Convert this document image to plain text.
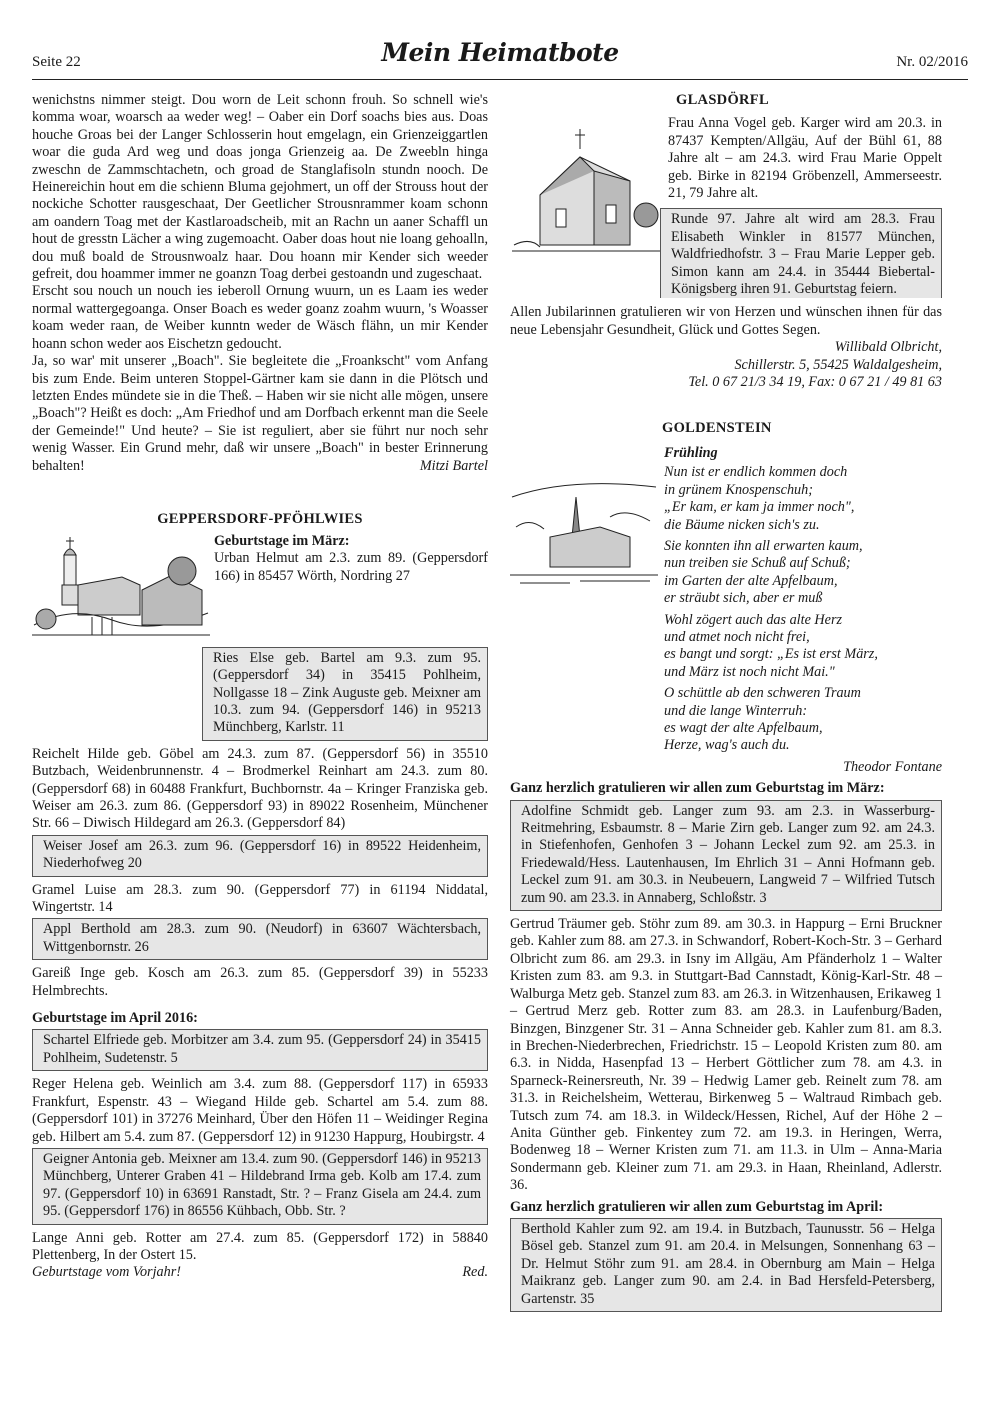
Seite 22	Mein Heimatbote	Nr. 02/2016

wenichstns nimmer steigt. Dou worn de Leit schonn frouh. So schnell wie's komma woar, woarsch aa weder weg! – Oaber ein Dorf soachs bies aus. Doas houche Groas bei der Langer Schlosserin hout emgelagn, ein Grienzeiggartlen woar die guda Ard weg und doas jonga Grienzeig aa. De Zweebln hinga zweschn de Zammschtachetn, och groad de Stanglafisoln stundn nooch. De Heinereichin hout em die schienn Bluma gejohmert, un off der Strouss hout der nockiche Schotter rausgeschaat, Der Geetlicher Strousnrammer koam schonn am oandern Toag met der Kastlaroadscheib, mit an Rachn un aaner Schaffl un hout de gresstn Lächer a wing zugemoacht. Oaber doas hout nie loang gehoalln, dou muß boald de Strousnwoalz haar. Dou hoann mir Kender sich weeder gefreit, dou hoammer immer ne goanzn Toag derbei gestoandn und zugeschaat.

Erscht sou nouch un nouch ies ieberoll Ornung wuurn, un es Laam ies weder normal wattergegoanga. Onser Boach es weder goanz zoahm wuurn, 's Woasser koam weder raan, de Weiber kunntn weder de Wäsch flähn, un mir Kender hoann schon weder aos Eischetzn gedoucht.

Ja, so war' mit unserer „Boach". Sie begleitete die „Froankscht" vom Anfang bis zum Ende. Beim unteren Stoppel-Gärtner kam sie dann in die Plötsch und letzten Endes mündete sie in die Theß. – Haben wir sie nicht alle mögen, unsere „Boach"? Heißt es doch: „Am Friedhof und am Dorfbach erkennt man die Seele der Gemeinde!" Und heute? – Sie ist reguliert, aber sie führt nur noch sehr wenig Wasser. Ein Grund mehr, daß wir unsere „Boach" in bester Erinnerung behalten!	Mitzi Bartel

GEPPERSDORF-PFÖHLWIES
Geburtstage im März:

Urban Helmut am 2.3. zum 89. (Geppersdorf 166) in 85457 Wörth, Nordring 27

Ries Else geb. Bartel am 9.3. zum 95. (Geppersdorf 34) in 35415 Pohlheim, Nollgasse 18 – Zink Auguste geb. Meixner am 10.3. zum 94. (Geppersdorf 146) in 95213 Münchberg, Karlstr. 11

Reichelt Hilde geb. Göbel am 24.3. zum 87. (Geppersdorf 56) in 35510 Butzbach, Weidenbrunnenstr. 4 – Brodmerkel Reinhart am 24.3. zum 80. (Geppersdorf 68) in 60488 Frankfurt, Buchbornstr. 4a – Kringer Franziska geb. Weiser am 26.3. zum 86. (Geppersdorf 93) in 89022 Rosenheim, Münchener Str. 66 – Diwisch Hildegard am 26.3. (Geppersdorf 84)

Weiser Josef am 26.3. zum 96. (Geppersdorf 16) in 89522 Heidenheim, Niederhofweg 20

Gramel Luise am 28.3. zum 90. (Geppersdorf 77) in 61194 Niddatal, Wingertstr. 14

Appl Berthold am 28.3. zum 90. (Neudorf) in 63607 Wächtersbach, Wittgenbornstr. 26

Gareiß Inge geb. Kosch am 26.3. zum 85. (Geppersdorf 39) in 55233 Helmbrechts.

Geburtstage im April 2016:

Schartel Elfriede geb. Morbitzer am 3.4. zum 95. (Geppersdorf 24) in 35415 Pohlheim, Sudetenstr. 5

Reger Helena geb. Weinlich am 3.4. zum 88. (Geppersdorf 117) in 65933 Frankfurt, Espenstr. 43 – Wiegand Hilde geb. Schartel am 5.4. zum 88. (Geppersdorf 101) in 37276 Meinhard, Über den Höfen 11 – Weidinger Regina geb. Hilbert am 5.4. zum 87. (Geppersdorf 12) in 91230 Happurg, Houbirgstr. 4

Geigner Antonia geb. Meixner am 13.4. zum 90. (Geppersdorf 146) in 95213 Münchberg, Unterer Graben 41 – Hildebrand Irma geb. Kolb am 17.4. zum 97. (Geppersdorf 10) in 63691 Ranstadt, Str. ? – Franz Gisela am 24.4. zum 95. (Geppersdorf 176) in 86556 Kühbach, Obb. Str. ?

Lange Anni geb. Rotter am 27.4. zum 85. (Geppersdorf 172) in 58840 Plettenberg, In der Ostert 15.

Geburtstage vom Vorjahr!	Red.
GLASDÖRFL

Frau Anna Vogel geb. Karger wird am 20.3. in 87437 Kempten/Allgäu, Auf der Bühl 61, 88 Jahre alt – am 24.3. wird Frau Marie Oppelt geb. Birke in 82194 Gröbenzell, Ammerseestr. 21, 79 Jahre alt.

Runde 97. Jahre alt wird am 28.3. Frau Elisabeth Winkler in 81577 München, Waldfriedhofstr. 3 – Frau Marie Lepper geb. Simon kann am 24.4. in 35444 Biebertal-Königsberg ihren 91. Geburtstag feiern.

Allen Jubilarinnen gratulieren wir von Herzen und wünschen ihnen für das neue Lebensjahr Gesundheit, Glück und Gottes Segen.

Willibald Olbricht,

Schillerstr. 5, 55425 Waldalgesheim,

Tel. 0 67 21/3 34 19, Fax: 0 67 21 / 49 81 63

GOLDENSTEIN

Frühling

Nun ist er endlich kommen doch

in grünem Knospenschuh;

„Er kam, er kam ja immer noch",

die Bäume nicken sich's zu.

Sie konnten ihn all erwarten kaum,

nun treiben sie Schuß auf Schuß;

im Garten der alte Apfelbaum,

er sträubt sich, aber er muß

Wohl zögert auch das alte Herz

und atmet noch nicht frei,

es bangt und sorgt: „Es ist erst März,

und März ist noch nicht Mai."

O schüttle ab den schweren Traum

und die lange Winterruh:

es wagt der alte Apfelbaum,

Herze, wag's auch du.

Theodor Fontane

Ganz herzlich gratulieren wir allen zum Geburtstag im März:

Adolfine Schmidt geb. Langer zum 93. am 2.3. in Wasserburg-Reitmehring, Esbaumstr. 8 – Marie Zirn geb. Langer zum 92. am 24.3. in Stiefenhofen, Genhofen 3 – Johann Leckel zum 92. am 25.3. in Friedewald/Hess. Lautenhausen, Im Ehrlich 31 – Anni Hofmann geb. Leckel zum 91. am 30.3. in Neubeuern, Langweid 7 – Wilfried Tutsch zum 90. am 23.3. in Annaberg, Schloßstr. 3

Gertrud Träumer geb. Stöhr zum 89. am 30.3. in Happurg – Erni Bruckner geb. Kahler zum 88. am 27.3. in Schwandorf, Robert-Koch-Str. 3 – Gerhard Olbricht zum 86. am 29.3. in Isny im Allgäu, Am Pfänderholz 1 – Walter Kristen zum 83. am 9.3. in Stuttgart-Bad Cannstadt, König-Karl-Str. 48 – Walburga Metz geb. Stanzel zum 83. am 26.3. in Witzenhausen, Erikaweg 1 – Gertrud Merz geb. Rotter zum 83. am 28.3. in Laufenburg/Baden, Binzgen, Binzgener Str. 31 – Anna Schneider geb. Kahler zum 81. am 8.3. in Brechen-Niederbrechen, Friedrichstr. 15 – Leopold Kristen zum 80. am 6.3. in Nidda, Hasenpfad 13 – Herbert Göttlicher zum 78. am 4.3. in Sparneck-Reinersreuth, Nr. 39 – Hedwig Lamer geb. Reinelt zum 78. am 31.3. in Reichelsheim, Wetterau, Birkenweg 5 – Waltraud Rimbach geb. Tutsch zum 74. am 18.3. in Wildeck/Hessen, Richel, Auf der Höhe 2 – Anita Günther geb. Finkentey zum 72. am 19.3. in Heringen, Werra, Bodenweg 18 – Werner Kristen zum 71. am 11.3. in Ulm – Anna-Maria Sondermann geb. Kleiner zum 71. am 29.3. in Haan, Rheinland, Adlerstr. 36.

Ganz herzlich gratulieren wir allen zum Geburtstag im April:

Berthold Kahler zum 92. am 19.4. in Butzbach, Taunusstr. 56 – Helga Bösel geb. Stanzel zum 91. am 20.4. in Melsungen, Sonnenhang 63 – Dr. Helmut Stöhr zum 91. am 28.4. in Obernburg am Main – Helga Maikranz geb. Langer zum 90. am 2.4. in Bad Hersfeld-Petersberg, Gartenstr. 35
